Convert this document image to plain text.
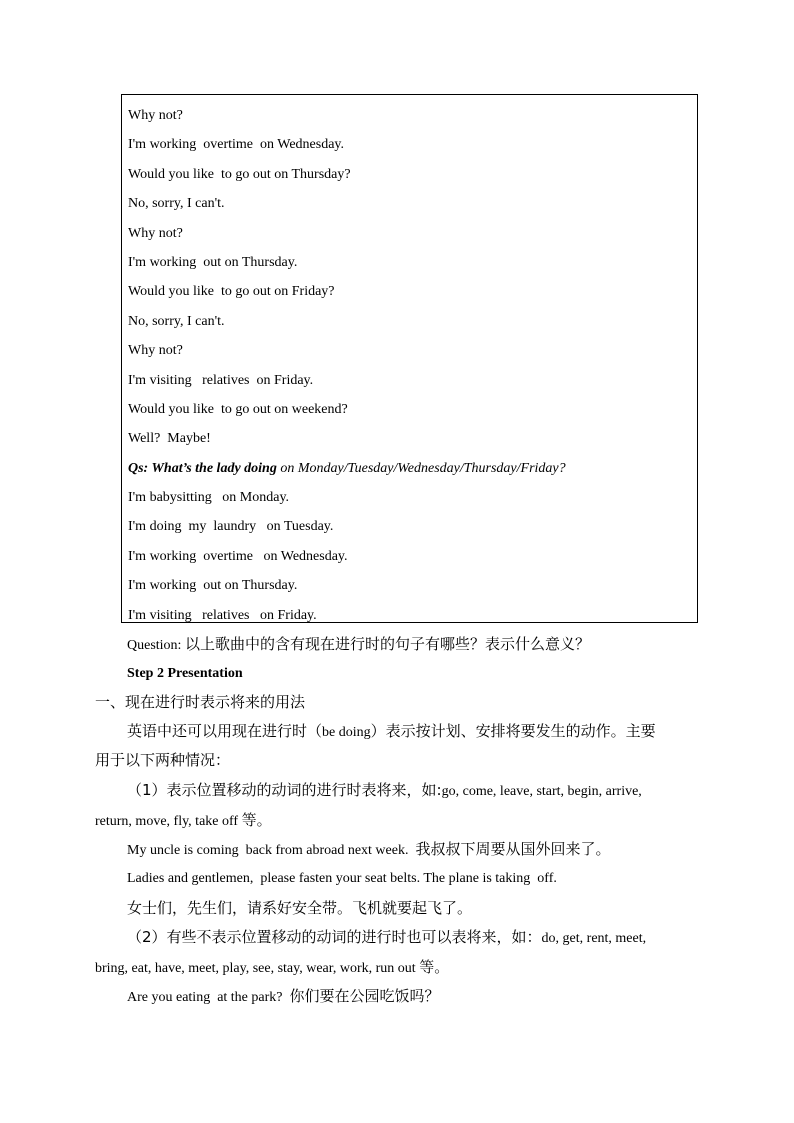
Why not?
I'm working  overtime  on Wednesday.
Would you like  to go out on Thursday?
No, sorry, I can't.
Why not?
I'm working  out on Thursday.
Would you like  to go out on Friday?
No, sorry, I can't.
Why not?
I'm visiting   relatives  on Friday.
Would you like  to go out on weekend?
Well?  Maybe!
Qs: What’s the lady doing on Monday/Tuesday/Wednesday/Thursday/Friday?
I'm babysitting   on Monday.
I'm doing  my  laundry   on Tuesday.
I'm working  overtime   on Wednesday.
I'm working  out on Thursday.
I'm visiting   relatives   on Friday.
Question: 以上歌曲中的含有现在进行时的句子有哪些？表示什么意义？
Step 2 Presentation
一、现在进行时表示将来的用法
英语中还可以用现在进行时（be doing）表示按计划、安排将要发生的动作。主要
用于以下两种情况：
（1）表示位置移动的动词的进行时表将来，如:go, come, leave, start, begin, arrive,
return, move, fly, take off 等。
My uncle is coming  back from abroad next week.  我叔叔下周要从国外回来了。
Ladies and gentlemen,  please fasten your seat belts. The plane is taking  off.
女士们，先生们，请系好安全带。飞机就要起飞了。
（2）有些不表示位置移动的动词的进行时也可以表将来，如：do, get, rent, meet,
bring, eat, have, meet, play, see, stay, wear, work, run out 等。
Are you eating  at the park?  你们要在公园吃饭吗？
